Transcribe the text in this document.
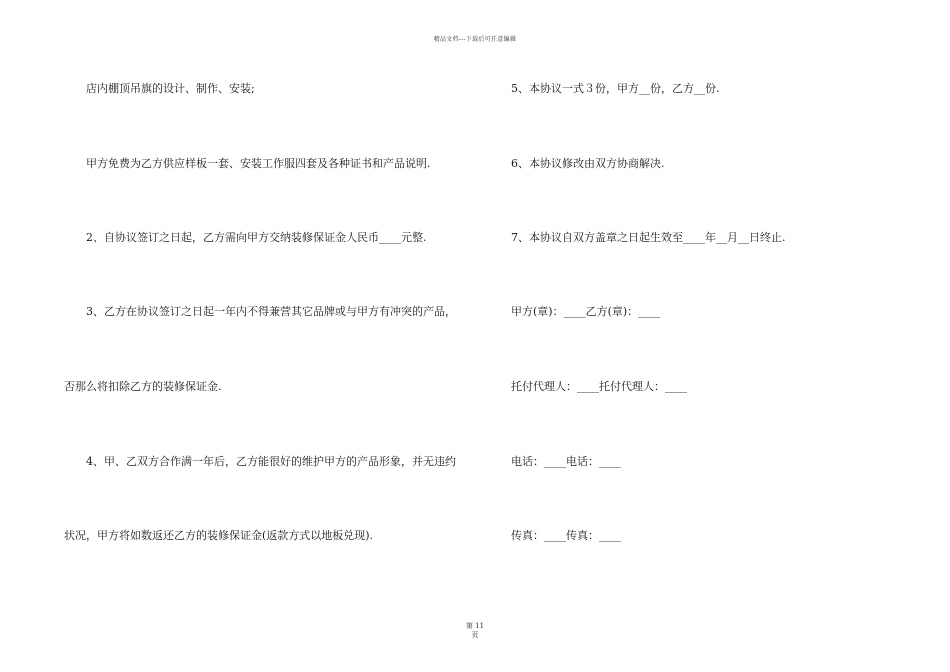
精品文档---下载后可任意编辑
店内棚顶吊旗的设计、制作、安装;
甲方免费为乙方供应样板一套、安装工作服四套及各种证书和产品说明.
2、自协议签订之日起，乙方需向甲方交纳装修保证金人民币____元整.
3、乙方在协议签订之日起一年内不得兼营其它品牌或与甲方有冲突的产品，
否那么将扣除乙方的装修保证金.
4、甲、乙双方合作满一年后，乙方能很好的维护甲方的产品形象，并无违约
状况，甲方将如数返还乙方的装修保证金(返款方式以地板兑现).
5、本协议一式３份，甲方__份，乙方__份.
6、本协议修改由双方协商解决.
7、本协议自双方盖章之日起生效至____年__月__日终止.
甲方(章)：____乙方(章)：____
托付代理人：____托付代理人：____
电话：____电话：____
传真：____传真：____
第 11
页
